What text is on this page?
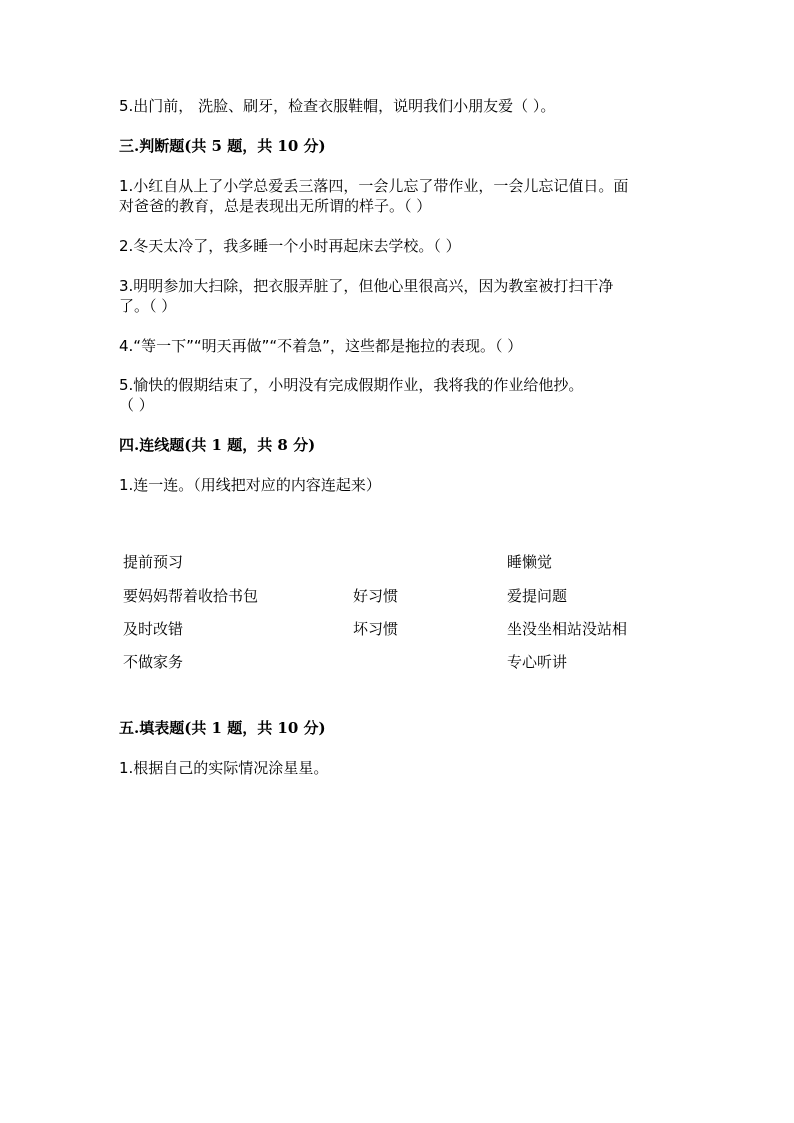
5.出门前， 洗脸、刷牙，检查衣服鞋帽，说明我们小朋友爱（ ）。
三.判断题(共 5 题，共 10 分)
1.小红自从上了小学总爱丢三落四，一会儿忘了带作业，一会儿忘记值日。面
对爸爸的教育，总是表现出无所谓的样子。（ ）
2.冬天太冷了，我多睡一个小时再起床去学校。（ ）
3.明明参加大扫除，把衣服弄脏了，但他心里很高兴，因为教室被打扫干净
了。（ ）
4.“等一下”“明天再做”“不着急”，这些都是拖拉的表现。（ ）
5.愉快的假期结束了，小明没有完成假期作业，我将我的作业给他抄。
（ ）
四.连线题(共 1 题，共 8 分)
1.连一连。（用线把对应的内容连起来）
提前预习
要妈妈帮着收拾书包
及时改错
不做家务
好习惯
坏习惯
睡懒觉
爱提问题
坐没坐相站没站相
专心听讲
五.填表题(共 1 题，共 10 分)
1.根据自己的实际情况涂星星。
